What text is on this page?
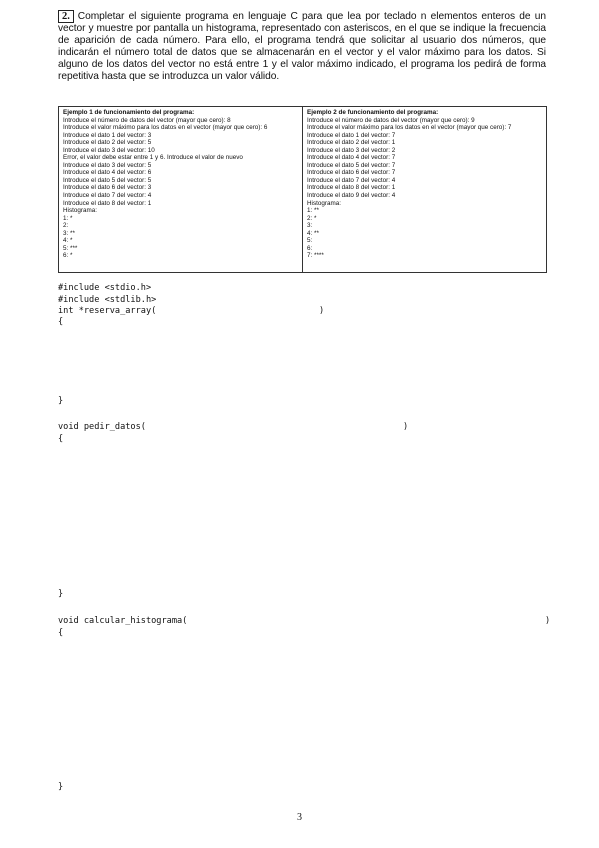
2. Completar el siguiente programa en lenguaje C para que lea por teclado n elementos enteros de un vector y muestre por pantalla un histograma, representado con asteriscos, en el que se indique la frecuencia de aparición de cada número. Para ello, el programa tendrá que solicitar al usuario dos números, que indicarán el número total de datos que se almacenarán en el vector y el valor máximo para los datos. Si alguno de los datos del vector no está entre 1 y el valor máximo indicado, el programa los pedirá de forma repetitiva hasta que se introduzca un valor válido.
Ejemplo 1 de funcionamiento del programa:
Introduce el número de datos del vector (mayor que cero): 8
Introduce el valor máximo para los datos en el vector (mayor que cero): 6
Introduce el dato 1 del vector: 3
Introduce el dato 2 del vector: 5
Introduce el dato 3 del vector: 10
Error, el valor debe estar entre 1 y 6. Introduce el valor de nuevo
Introduce el dato 3 del vector: 5
Introduce el dato 4 del vector: 6
Introduce el dato 5 del vector: 5
Introduce el dato 6 del vector: 3
Introduce el dato 7 del vector: 4
Introduce el dato 8 del vector: 1
Histograma:
1: *
2:
3: **
4: *
5: ***
6: *
Ejemplo 2 de funcionamiento del programa:
Introduce el número de datos del vector (mayor que cero): 9
Introduce el valor máximo para los datos en el vector (mayor que cero): 7
Introduce el dato 1 del vector: 7
Introduce el dato 2 del vector: 1
Introduce el dato 3 del vector: 2
Introduce el dato 4 del vector: 7
Introduce el dato 5 del vector: 7
Introduce el dato 6 del vector: 7
Introduce el dato 7 del vector: 4
Introduce el dato 8 del vector: 1
Introduce el dato 9 del vector: 4
Histograma:
1: **
2: *
3:
4: **
5:
6:
7: ****
#include <stdio.h>
#include <stdlib.h>
int *reserva_array(	)
{
}
void pedir_datos(	)
{
}
void calcular_histograma(	)
{
}
3
